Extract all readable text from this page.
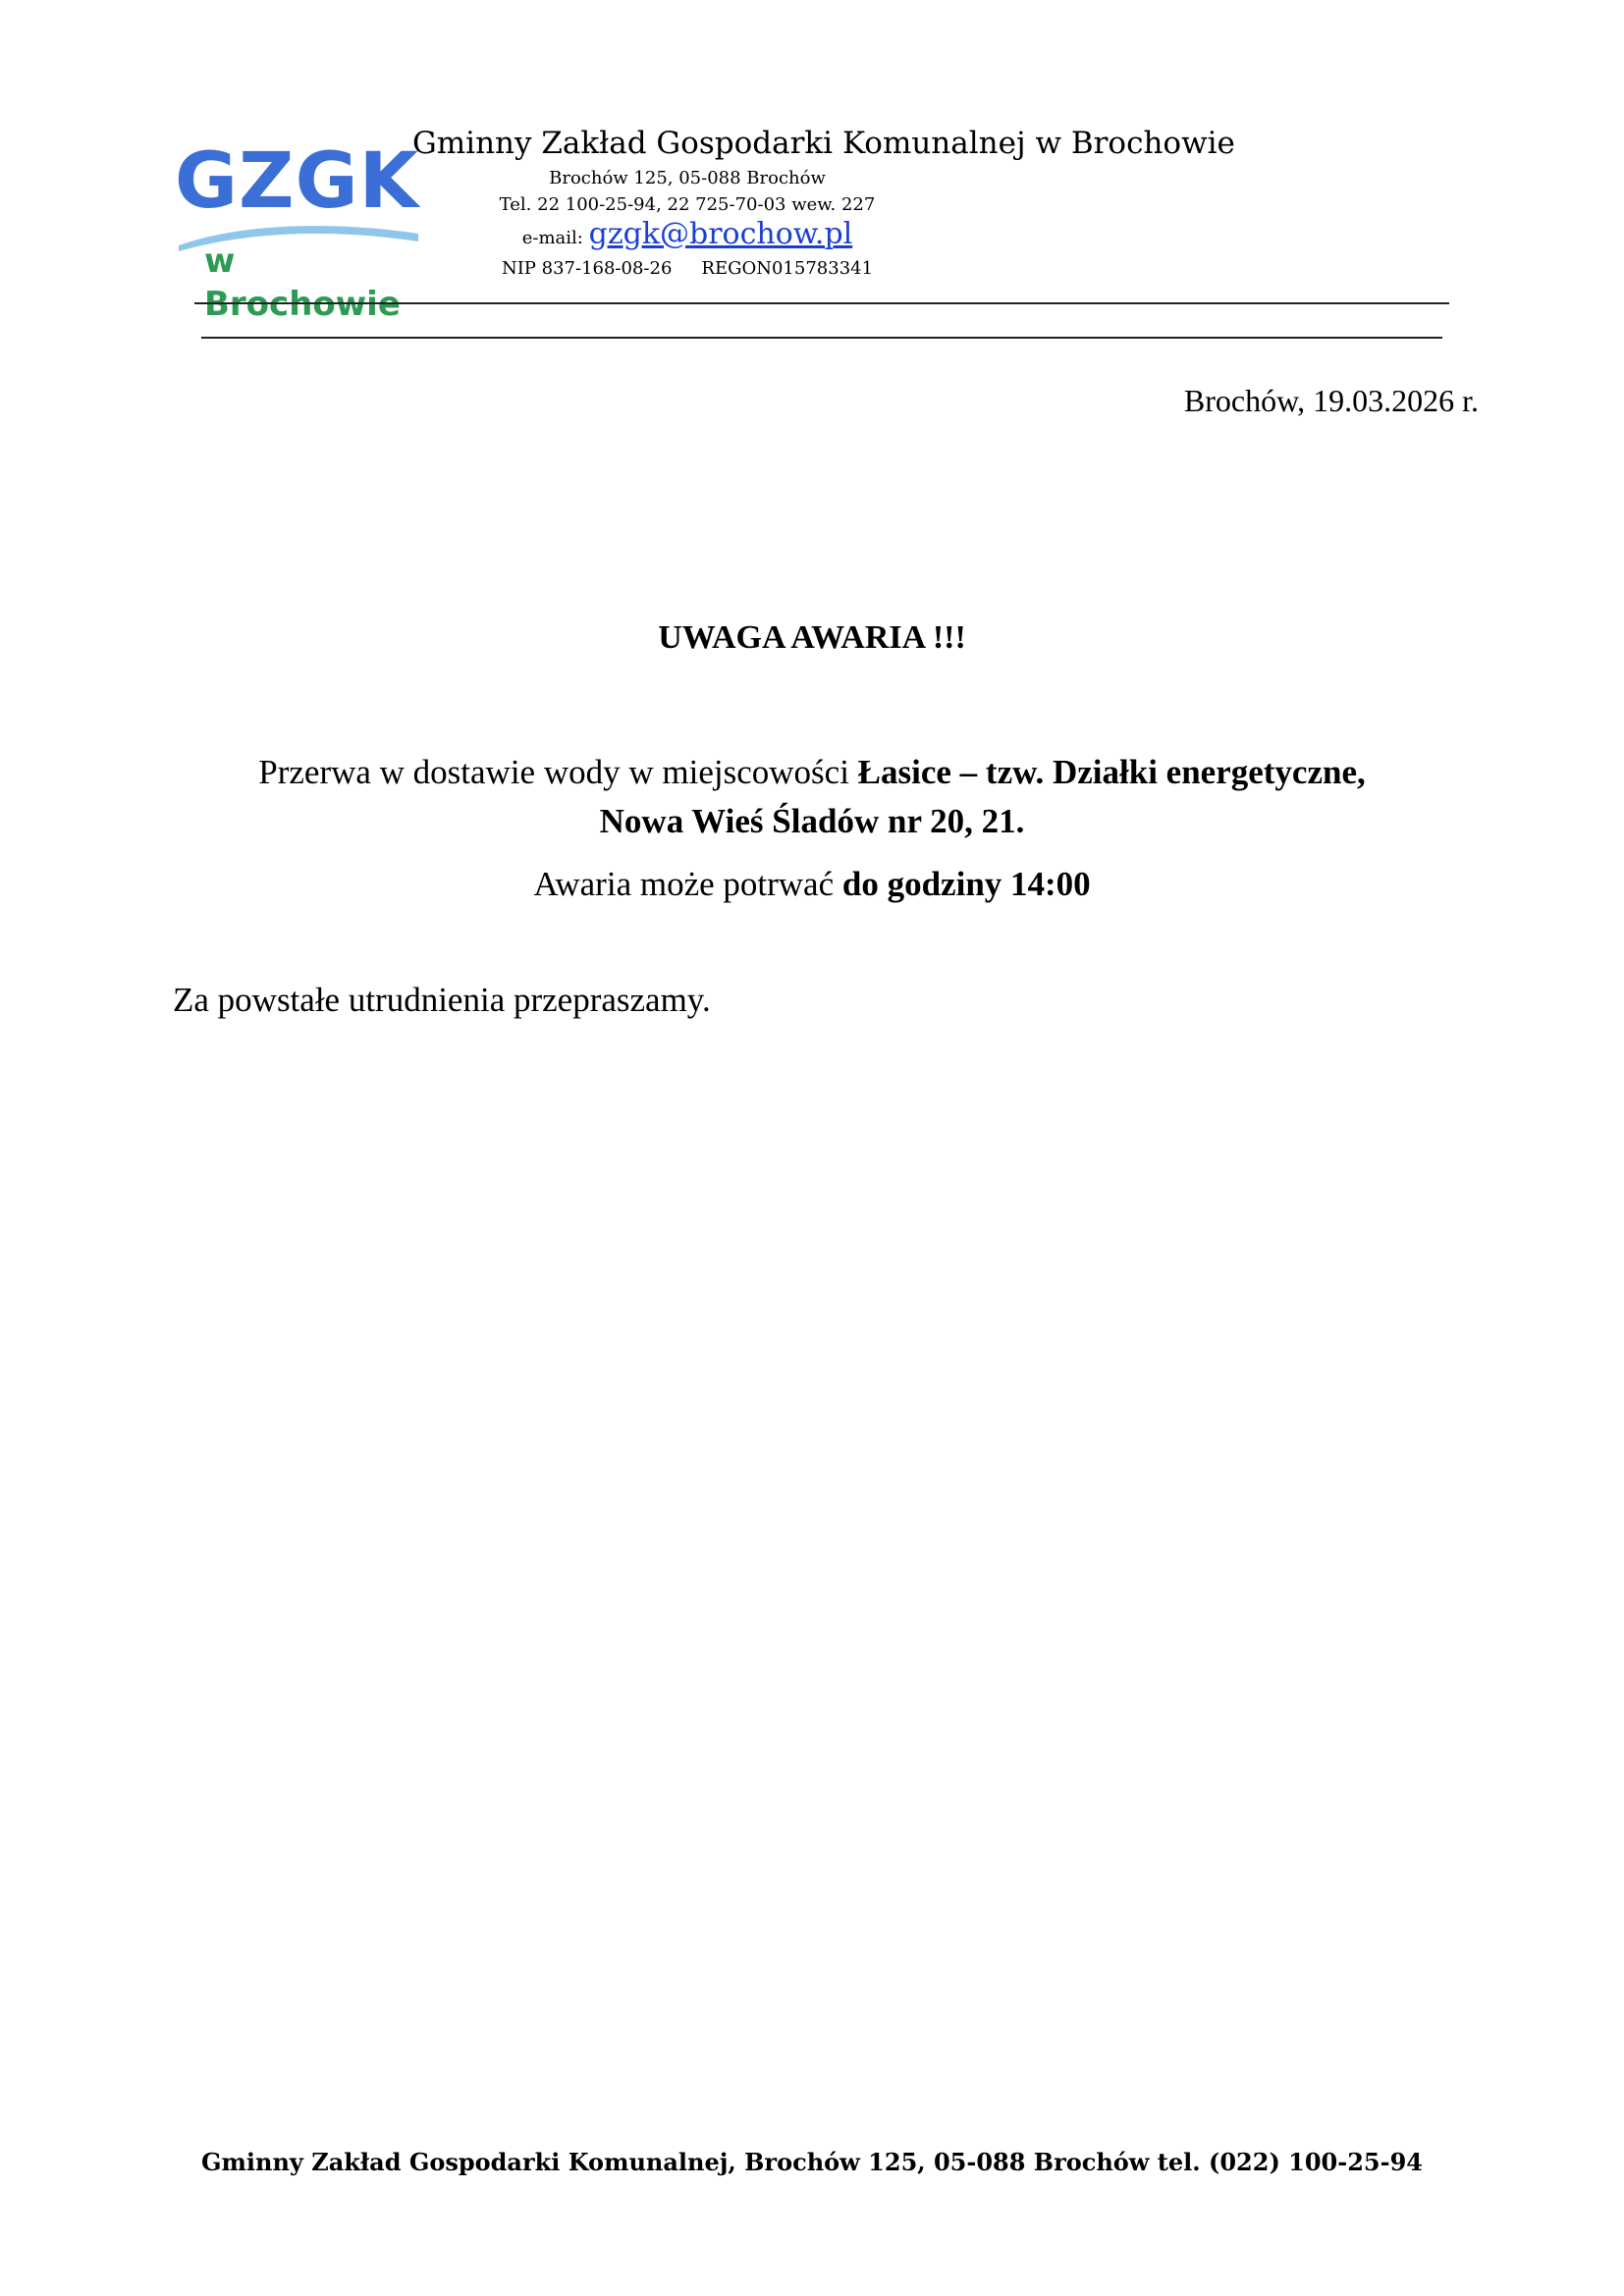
GZGK
w Brochowie
Gminny Zakład Gospodarki Komunalnej w Brochowie
Brochów 125, 05-088 Brochów
Tel. 22 100-25-94, 22 725-70-03 wew. 227
e-mail: gzgk@brochow.pl
NIP 837-168-08-26 REGON015783341
Brochów, 19.03.2026 r.
UWAGA AWARIA !!!
Przerwa w dostawie wody w miejscowości Łasice – tzw. Działki energetyczne,
Nowa Wieś Śladów nr 20, 21.
Awaria może potrwać do godziny 14:00
Za powstałe utrudnienia przepraszamy.
Gminny Zakład Gospodarki Komunalnej, Brochów 125, 05-088 Brochów tel. (022) 100-25-94
